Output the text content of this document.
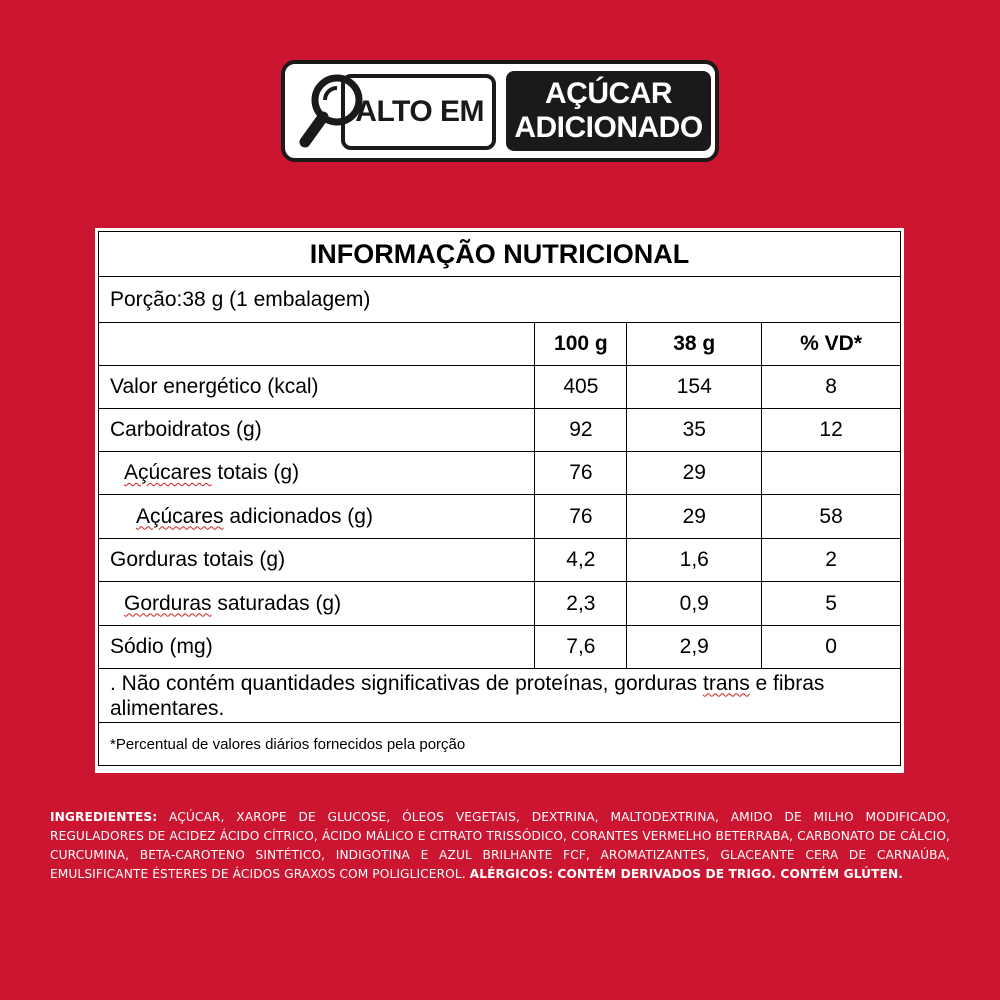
ALTO EM
AÇÚCAR
ADICIONADO
INFORMAÇÃO NUTRICIONAL			
Porção:38 g (1 embalagem)			
	100 g	38 g	% VD*
Valor energético (kcal)	405	154	8
Carboidratos (g)	92	35	12
Açúcares totais (g)	76	29	
Açúcares adicionados (g)	76	29	58
Gorduras totais (g)	4,2	1,6	2
Gorduras saturadas (g)	2,3	0,9	5
Sódio (mg)	7,6	2,9	0
. Não contém quantidades significativas de proteínas, gorduras trans e fibras alimentares.			
*Percentual de valores diários fornecidos pela porção			
INGREDIENTES: AÇÚCAR, XAROPE DE GLUCOSE, ÓLEOS VEGETAIS, DEXTRINA, MALTODEXTRINA, AMIDO DE MILHO MODIFICADO, REGULADORES DE ACIDEZ ÁCIDO CÍTRICO, ÁCIDO MÁLICO E CITRATO TRISSÓDICO, CORANTES VERMELHO BETERRABA, CARBONATO DE CÁLCIO, CURCUMINA, BETA-CAROTENO SINTÉTICO, INDIGOTINA E AZUL BRILHANTE FCF, AROMATIZANTES, GLACEANTE CERA DE CARNAÚBA, EMULSIFICANTE ÉSTERES DE ÁCIDOS GRAXOS COM POLIGLICEROL. ALÉRGICOS: CONTÉM DERIVADOS DE TRIGO. CONTÉM GLÚTEN.
